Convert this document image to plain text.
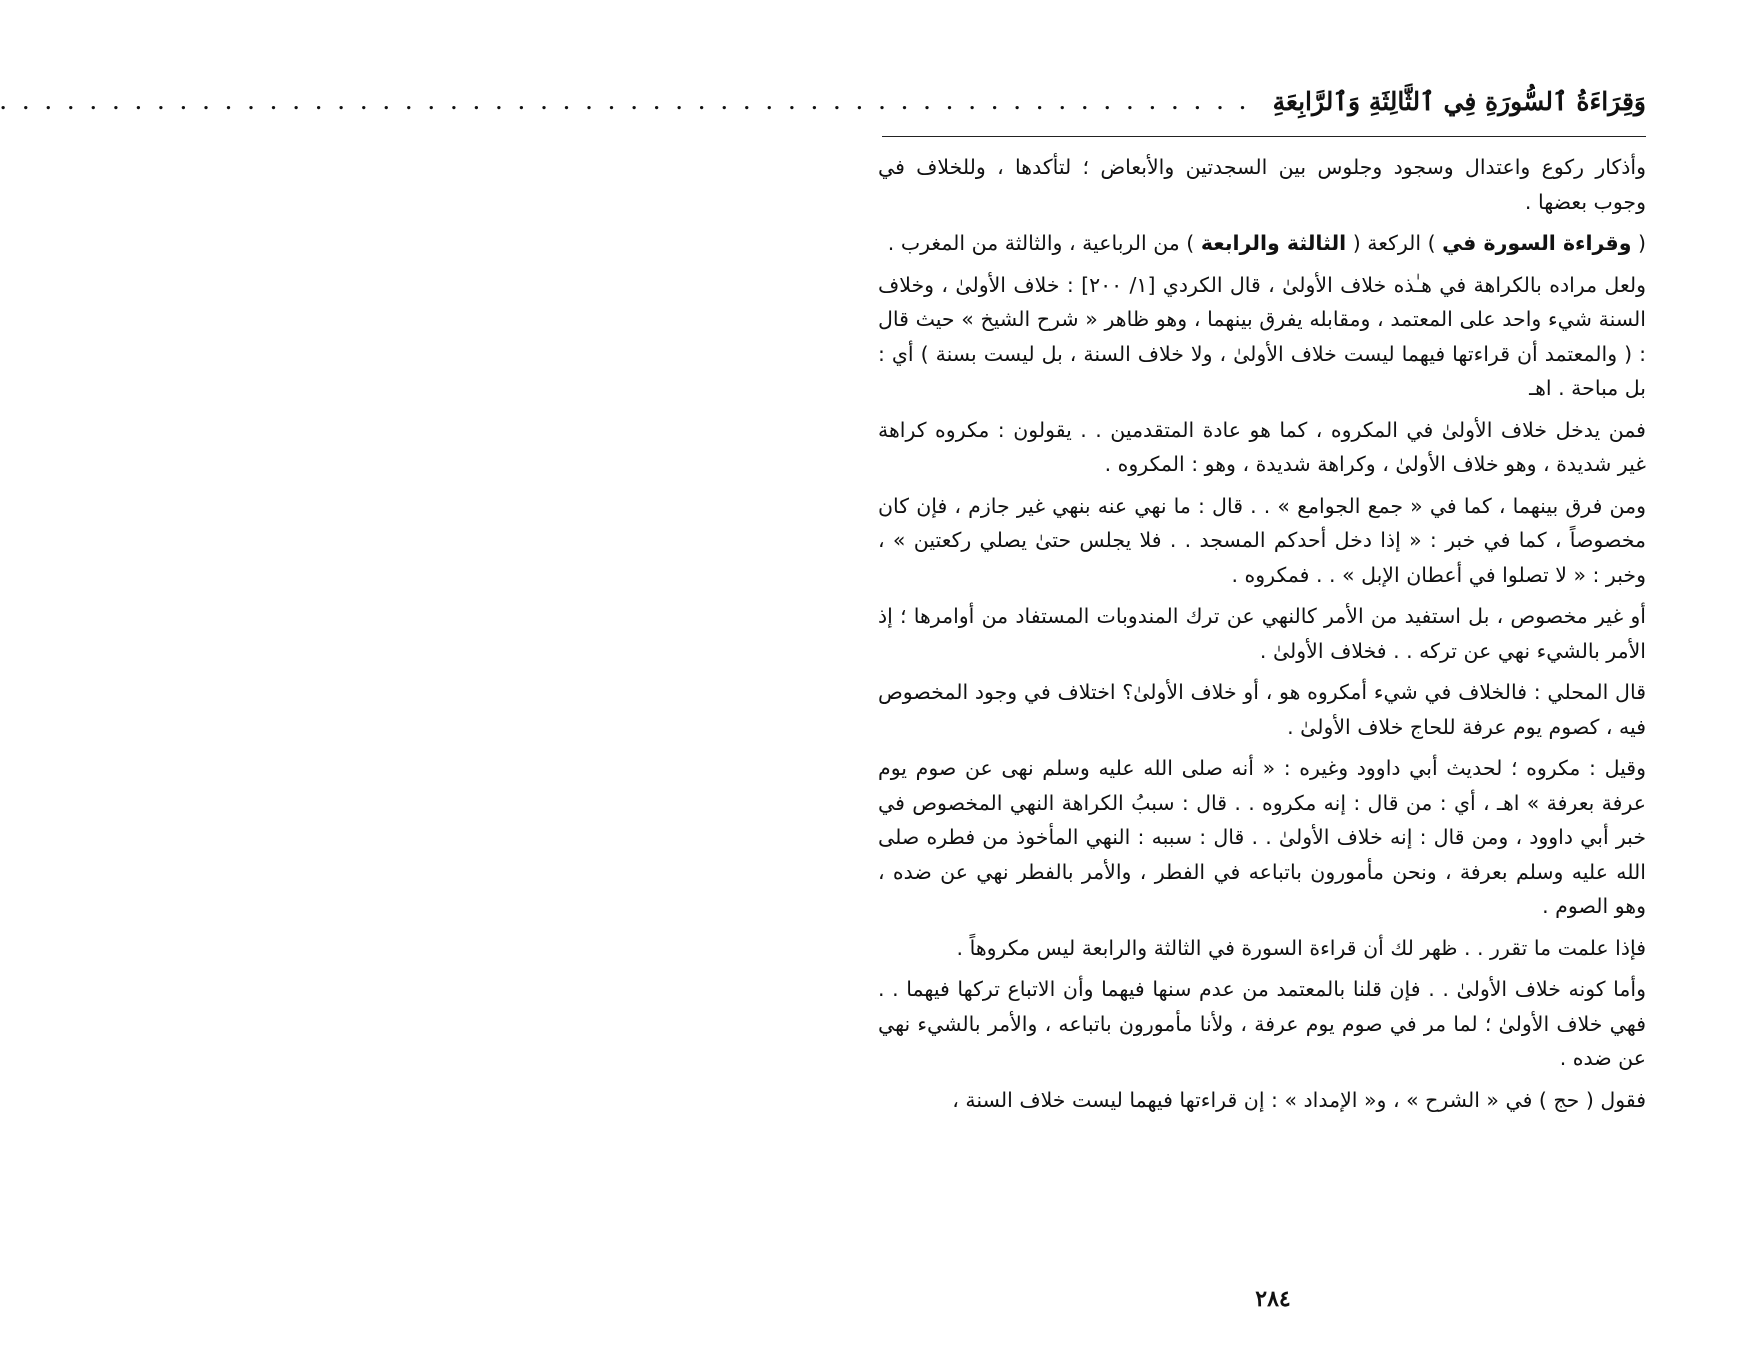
وَقِرَاءَةُ ٱلسُّورَةِ فِي ٱلثَّالِثَةِ وَٱلرَّابِعَةِ
. . . . . . . . . . . . . . . . . . . . . . . . . . . . . . . . . . . . . . . . . . . . . . . . . . . . . . . .

وأذكار ركوع واعتدال وسجود وجلوس بين السجدتين والأبعاض ؛ لتأكدها ، وللخلاف في وجوب بعضها .

( وقراءة السورة في ) الركعة ( الثالثة والرابعة ) من الرباعية ، والثالثة من المغرب .

ولعل مراده بالكراهة في هـٰذه خلاف الأولىٰ ، قال الكردي [١/ ٢٠٠] : خلاف الأولىٰ ، وخلاف السنة شيء واحد على المعتمد ، ومقابله يفرق بينهما ، وهو ظاهر « شرح الشيخ » حيث قال : ( والمعتمد أن قراءتها فيهما ليست خلاف الأولىٰ ، ولا خلاف السنة ، بل ليست بسنة ) أي : بل مباحة . اهـ

فمن يدخل خلاف الأولىٰ في المكروه ، كما هو عادة المتقدمين . . يقولون : مكروه كراهة غير شديدة ، وهو خلاف الأولىٰ ، وكراهة شديدة ، وهو : المكروه .

ومن فرق بينهما ، كما في « جمع الجوامع » . . قال : ما نهي عنه بنهي غير جازم ، فإن كان مخصوصاً ، كما في خبر : « إذا دخل أحدكم المسجد . . فلا يجلس حتىٰ يصلي ركعتين » ، وخبر : « لا تصلوا في أعطان الإبل » . . فمكروه .

أو غير مخصوص ، بل استفيد من الأمر كالنهي عن ترك المندوبات المستفاد من أوامرها ؛ إذ الأمر بالشيء نهي عن تركه . . فخلاف الأولىٰ .

قال المحلي : فالخلاف في شيء أمكروه هو ، أو خلاف الأولىٰ؟ اختلاف في وجود المخصوص فيه ، كصوم يوم عرفة للحاج خلاف الأولىٰ .

وقيل : مكروه ؛ لحديث أبي داوود وغيره : « أنه صلى الله عليه وسلم نهى عن صوم يوم عرفة بعرفة » اهـ ، أي : من قال : إنه مكروه . . قال : سببُ الكراهة النهي المخصوص في خبر أبي داوود ، ومن قال : إنه خلاف الأولىٰ . . قال : سببه : النهي المأخوذ من فطره صلى الله عليه وسلم بعرفة ، ونحن مأمورون باتباعه في الفطر ، والأمر بالفطر نهي عن ضده ، وهو الصوم .

فإذا علمت ما تقرر . . ظهر لك أن قراءة السورة في الثالثة والرابعة ليس مكروهاً .

وأما كونه خلاف الأولىٰ . . فإن قلنا بالمعتمد من عدم سنها فيهما وأن الاتباع تركها فيهما . . فهي خلاف الأولىٰ ؛ لما مر في صوم يوم عرفة ، ولأنا مأمورون باتباعه ، والأمر بالشيء نهي عن ضده .

فقول ( حج ) في « الشرح » ، و« الإمداد » : إن قراءتها فيهما ليست خلاف السنة ،

٢٨٤
